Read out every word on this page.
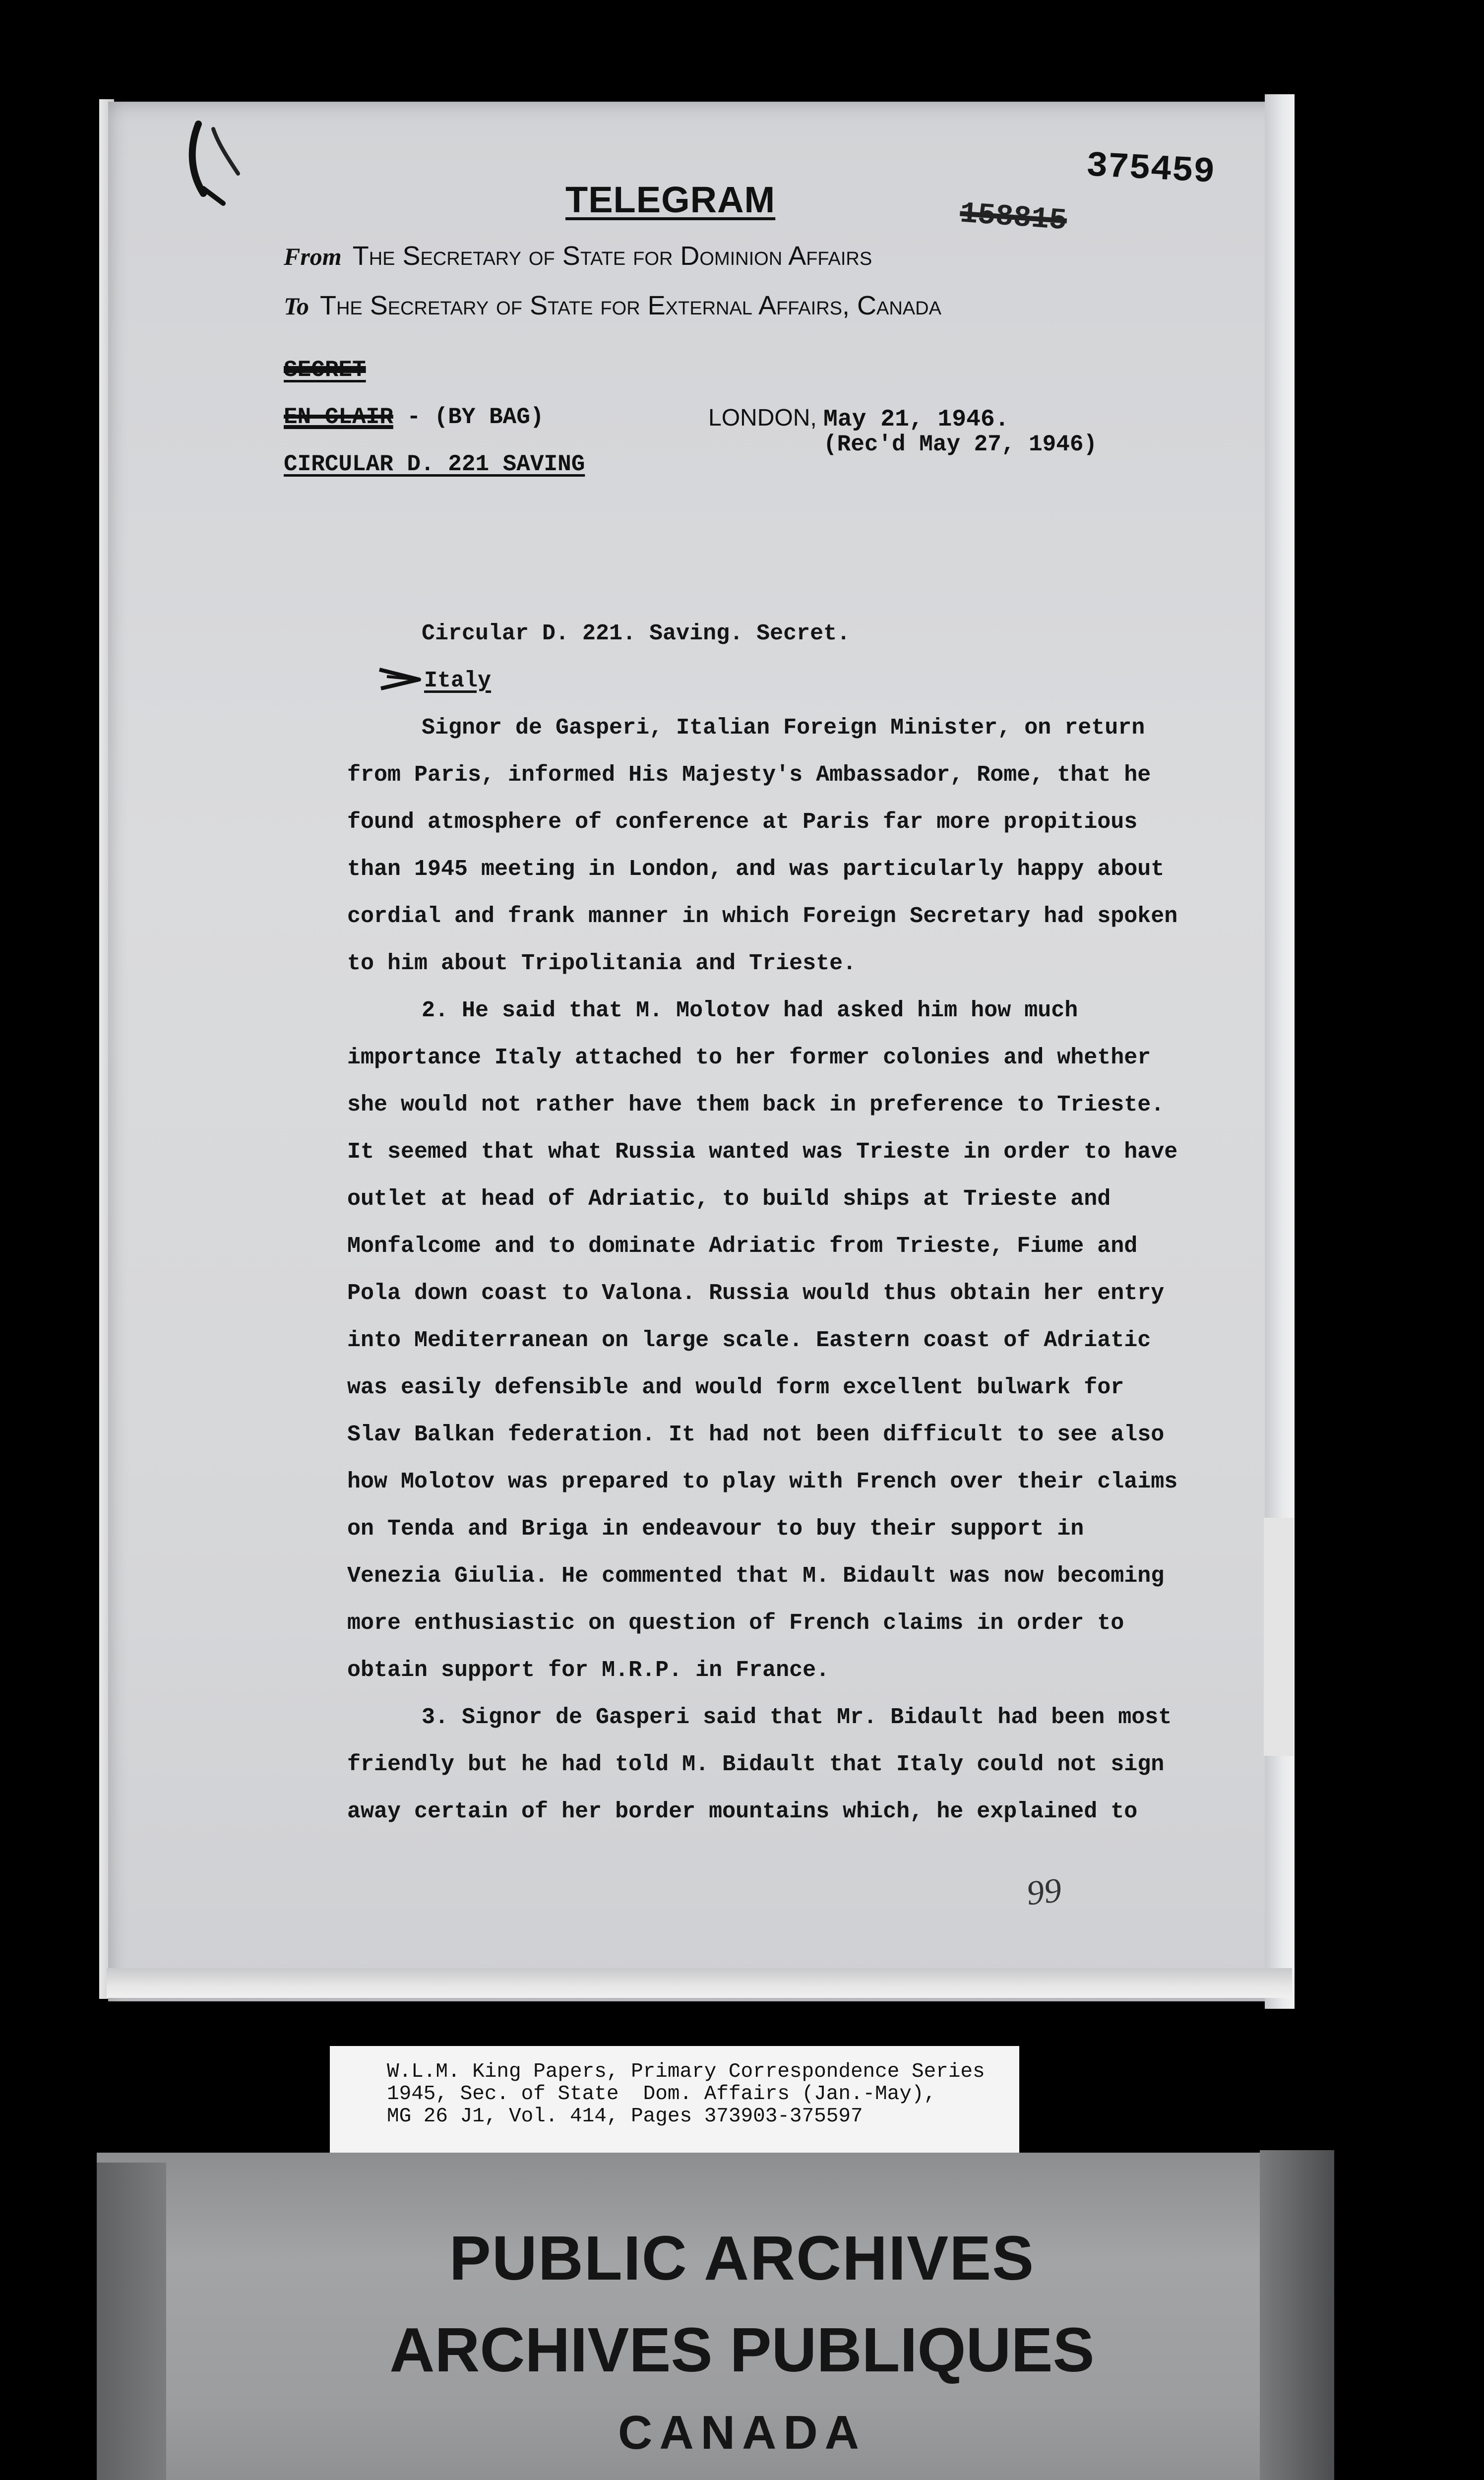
TELEGRAM
375459
158815
From The Secretary of State for Dominion Affairs
To The Secretary of State for External Affairs, Canada
SECRET
EN CLAIR - (BY BAG)
CIRCULAR D. 221 SAVING
LONDON, May 21, 1946.
(Rec'd May 27, 1946)
Circular D. 221. Saving. Secret.
Italy
Signor de Gasperi, Italian Foreign Minister, on return
from Paris, informed His Majesty's Ambassador, Rome, that he
found atmosphere of conference at Paris far more propitious
than 1945 meeting in London, and was particularly happy about
cordial and frank manner in which Foreign Secretary had spoken
to him about Tripolitania and Trieste.
2. He said that M. Molotov had asked him how much
importance Italy attached to her former colonies and whether
she would not rather have them back in preference to Trieste.
It seemed that what Russia wanted was Trieste in order to have
outlet at head of Adriatic, to build ships at Trieste and
Monfalcome and to dominate Adriatic from Trieste, Fiume and
Pola down coast to Valona. Russia would thus obtain her entry
into Mediterranean on large scale. Eastern coast of Adriatic
was easily defensible and would form excellent bulwark for
Slav Balkan federation. It had not been difficult to see also
how Molotov was prepared to play with French over their claims
on Tenda and Briga in endeavour to buy their support in
Venezia Giulia. He commented that M. Bidault was now becoming
more enthusiastic on question of French claims in order to
obtain support for M.R.P. in France.
3. Signor de Gasperi said that Mr. Bidault had been most
friendly but he had told M. Bidault that Italy could not sign
away certain of her border mountains which, he explained to
99
W.L.M. King Papers, Primary Correspondence Series
1945, Sec. of State  Dom. Affairs (Jan.-May),
MG 26 J1, Vol. 414, Pages 373903-375597
PUBLIC ARCHIVES
ARCHIVES PUBLIQUES
CANADA
